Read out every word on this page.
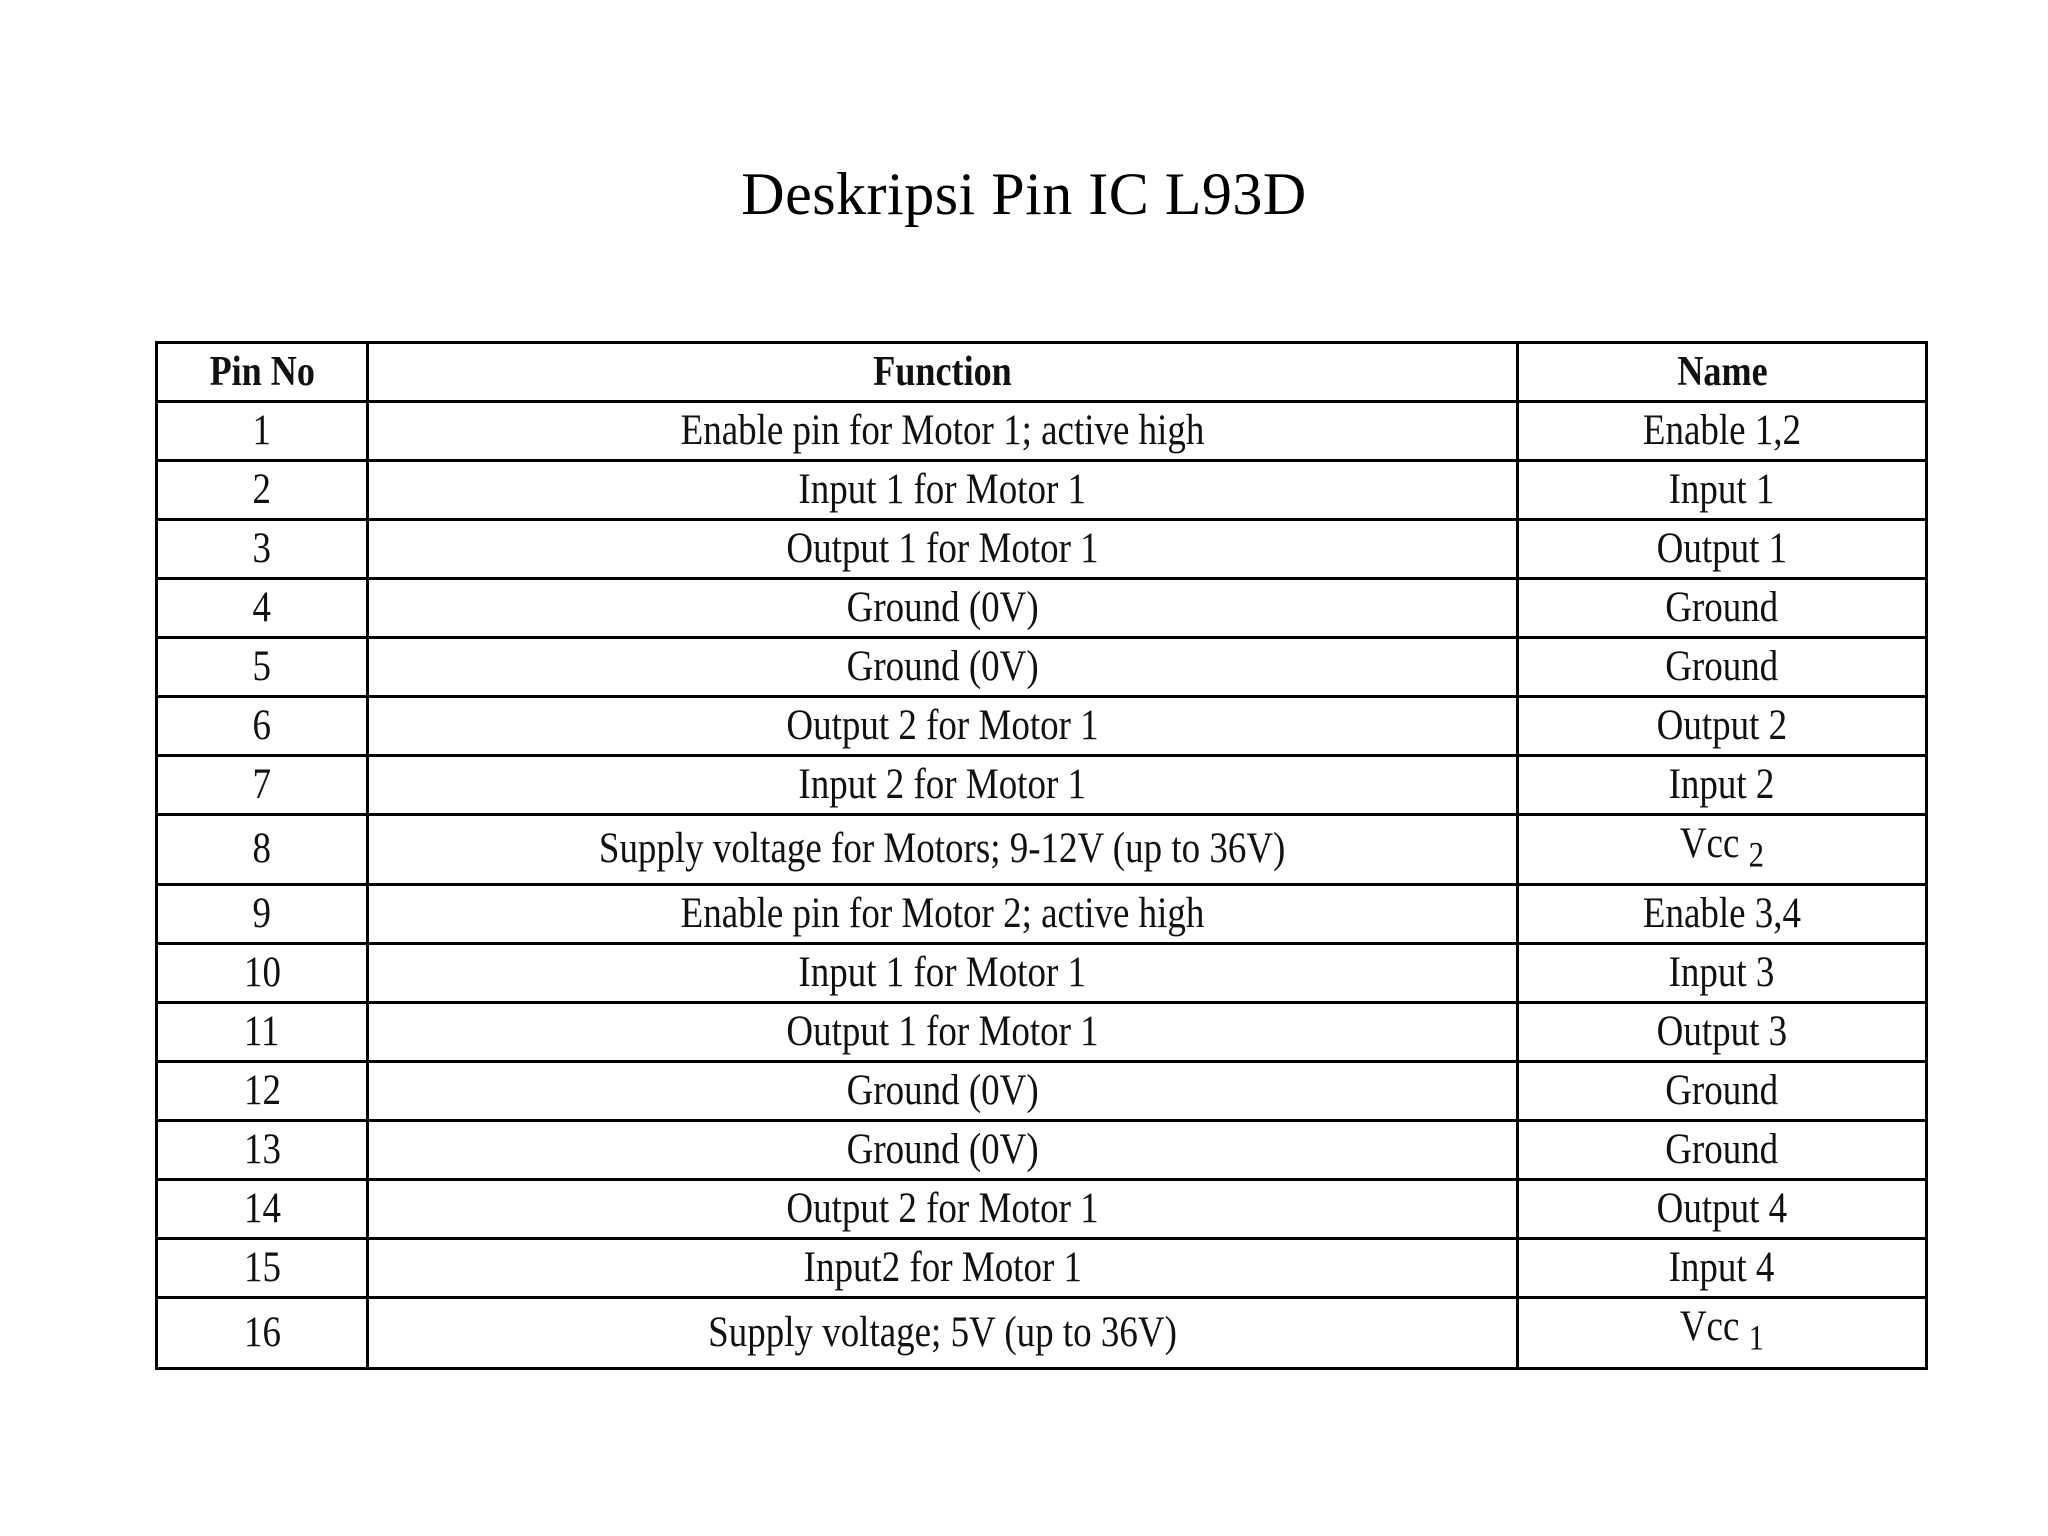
Deskripsi Pin IC L93D
Pin No	Function	Name
1	Enable pin for Motor 1; active high	Enable 1,2
2	Input 1 for Motor 1	Input 1
3	Output 1 for Motor 1	Output 1
4	Ground (0V)	Ground
5	Ground (0V)	Ground
6	Output 2 for Motor 1	Output 2
7	Input 2 for Motor 1	Input 2
8	Supply voltage for Motors; 9-12V (up to 36V)	Vcc $_2$
9	Enable pin for Motor 2; active high	Enable 3,4
10	Input 1 for Motor 1	Input 3
11	Output 1 for Motor 1	Output 3
12	Ground (0V)	Ground
13	Ground (0V)	Ground
14	Output 2 for Motor 1	Output 4
15	Input2 for Motor 1	Input 4
16	Supply voltage; 5V (up to 36V)	Vcc $_1$
